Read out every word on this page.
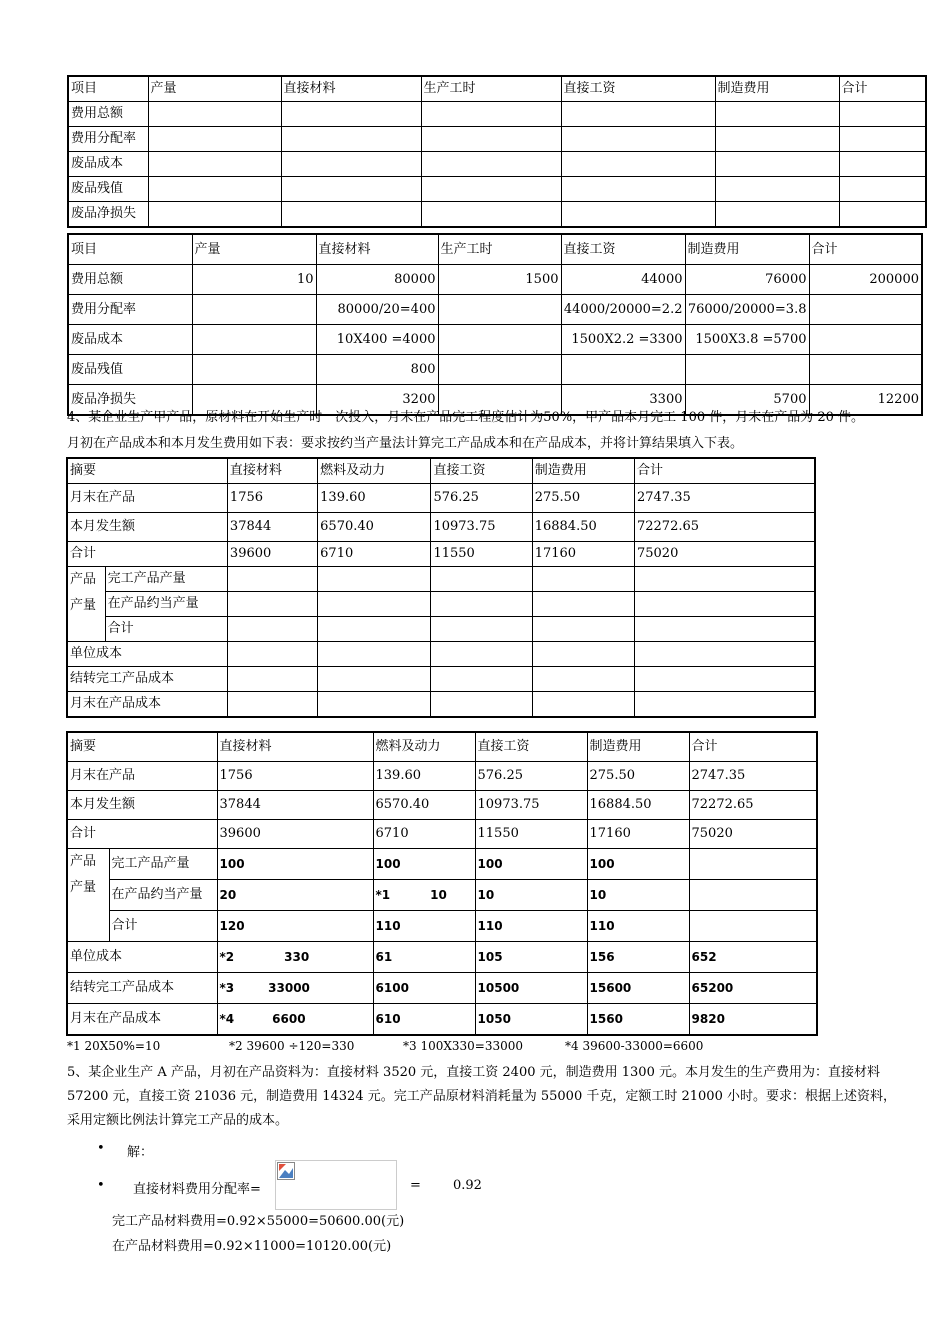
项目	产量	直接材料	生产工时	直接工资	制造费用	合计
费用总额						
费用分配率						
废品成本						
废品残值						
废品净损失						
项目	产量	直接材料	生产工时	直接工资	制造费用	合计
费用总额	10	80000	1500	44000	76000	200000
费用分配率		80000/20=400		44000/20000=2.2	76000/20000=3.8	
废品成本		10X400 =4000		1500X2.2 =3300	1500X3.8 =5700	
废品残值		800				
废品净损失		3200		3300	5700	12200
4、某企业生产甲产品，原材料在开始生产时一次投入，月末在产品完工程度估计为50%，甲产品本月完工 100 件，月末在产品为 20 件。
月初在产品成本和本月发生费用如下表：要求按约当产量法计算完工产品成本和在产品成本，并将计算结果填入下表。
摘要		直接材料	燃料及动力	直接工资	制造费用	合计
月末在产品		1756	139.60	576.25	275.50	2747.35
本月发生额		37844	6570.40	10973.75	16884.50	72272.65
合计		39600	6710	11550	17160	75020
产品
产量	完工产品产量					
	在产品约当产量					
	合计					
单位成本						
结转完工产品成本						
月末在产品成本						
摘要		直接材料	燃料及动力	直接工资	制造费用	合计
月末在产品		1756	139.60	576.25	275.50	2747.35
本月发生额		37844	6570.40	10973.75	16884.50	72272.65
合计		39600	6710	11550	17160	75020
产品
产量	完工产品产量	100	100	100	100	
	在产品约当产量	20	*1 10	10	10	
	合计	120	110	110	110	
单位成本		*2 330	61	105	156	652
结转完工产品成本		*3 33000	6100	10500	15600	65200
月末在产品成本		*4 6600	610	1050	1560	9820
*1 20X50%=10	*2 39600 ÷120=330	*3 100X330=33000	*4 39600-33000=6600
5、某企业生产 A 产品，月初在产品资料为：直接材料 3520 元，直接工资 2400 元，制造费用 1300 元。本月发生的生产费用为：直接材料
57200 元，直接工资 21036 元，制造费用 14324 元。完工产品原材料消耗量为 55000 千克，定额工时 21000 小时。要求：根据上述资料，
采用定额比例法计算完工产品的成本。
• 解：
• 直接材料费用分配率=	= 0.92
完工产品材料费用=0.92×55000=50600.00(元)
在产品材料费用=0.92×11000=10120.00(元)
